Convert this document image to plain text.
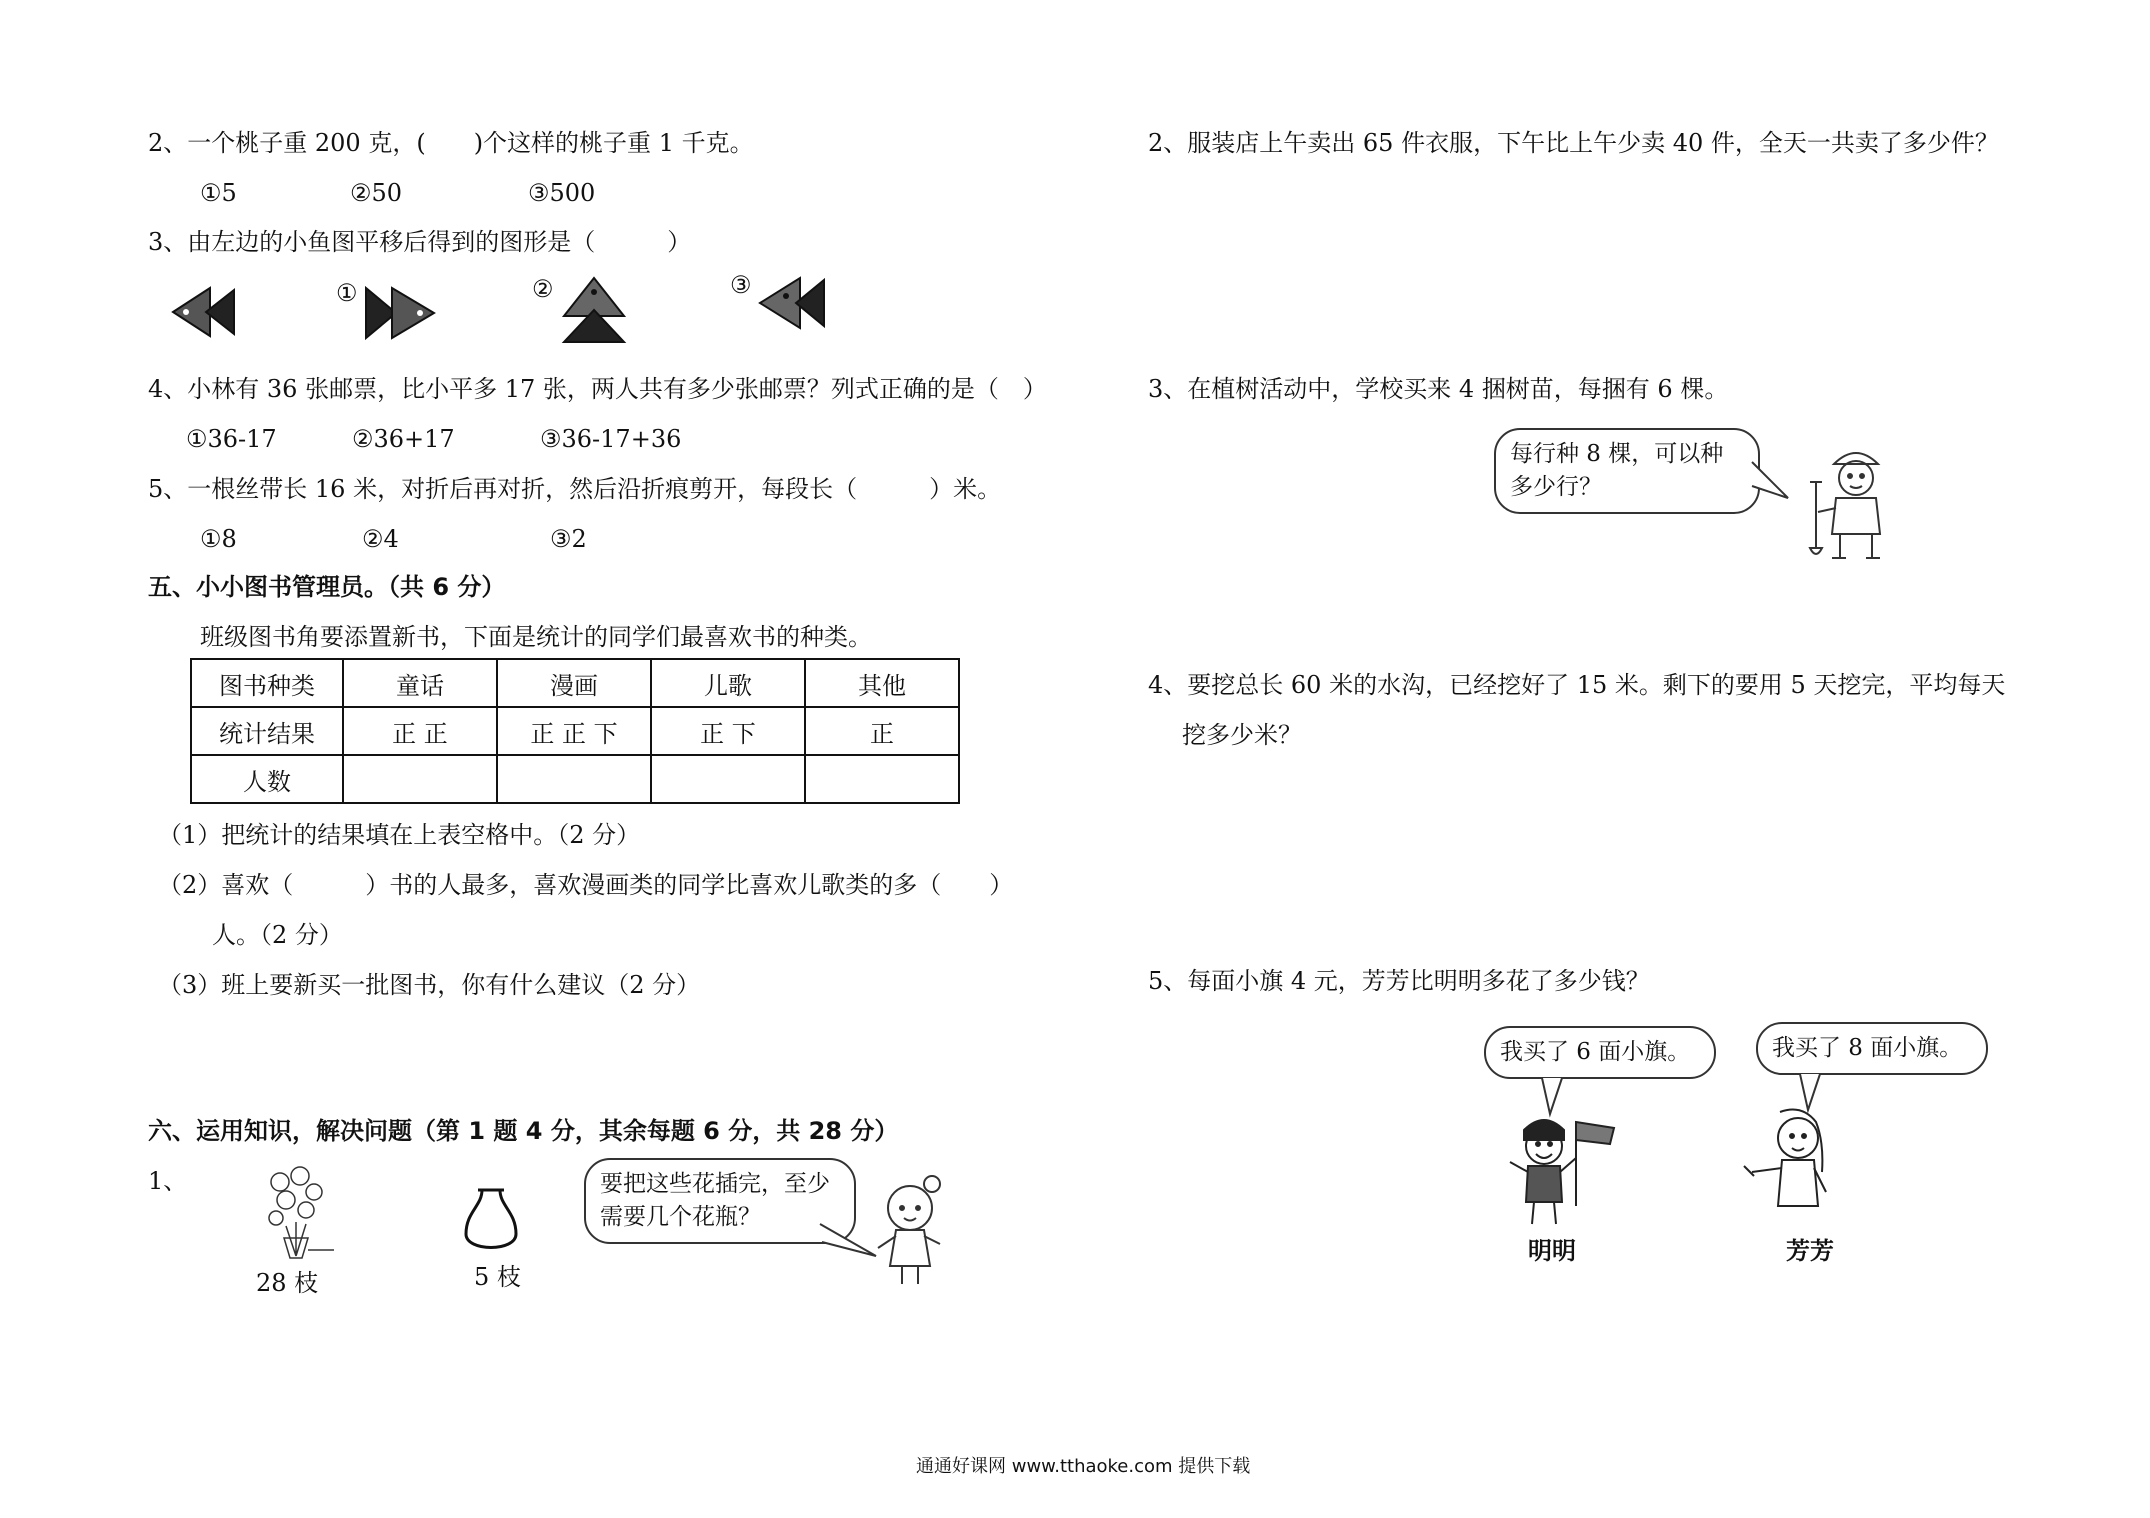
2、一个桃子重 200 克，(　　)个这样的桃子重 1 千克。
①5	②50	③500
3、由左边的小鱼图平移后得到的图形是（　　　）
①	②	③
4、小林有 36 张邮票，比小平多 17 张，两人共有多少张邮票？列式正确的是（　）
①36-17	②36+17	③36-17+36
5、一根丝带长 16 米，对折后再对折，然后沿折痕剪开，每段长（　　　）米。
①8	②4	③2
五、小小图书管理员。（共 6 分）
班级图书角要添置新书，下面是统计的同学们最喜欢书的种类。
图书种类	童话	漫画	儿歌	其他
统计结果	正 正	正 正 下	正 下	正
人数				
（1）把统计的结果填在上表空格中。（2 分）
（2）喜欢（　　　）书的人最多，喜欢漫画类的同学比喜欢儿歌类的多（　　）
人。（2 分）
（3）班上要新买一批图书，你有什么建议（2 分）
六、运用知识，解决问题（第 1 题 4 分，其余每题 6 分，共 28 分）
1、
28 枝	5 枝
要把这些花插完，至少需要几个花瓶？
2、服装店上午卖出 65 件衣服，下午比上午少卖 40 件，全天一共卖了多少件？
3、在植树活动中，学校买来 4 捆树苗，每捆有 6 棵。
每行种 8 棵，可以种多少行？
4、要挖总长 60 米的水沟，已经挖好了 15 米。剩下的要用 5 天挖完，平均每天
挖多少米？
5、每面小旗 4 元，芳芳比明明多花了多少钱？
我买了 6 面小旗。	我买了 8 面小旗。
明明	芳芳
通通好课网 www.tthaoke.com 提供下载
